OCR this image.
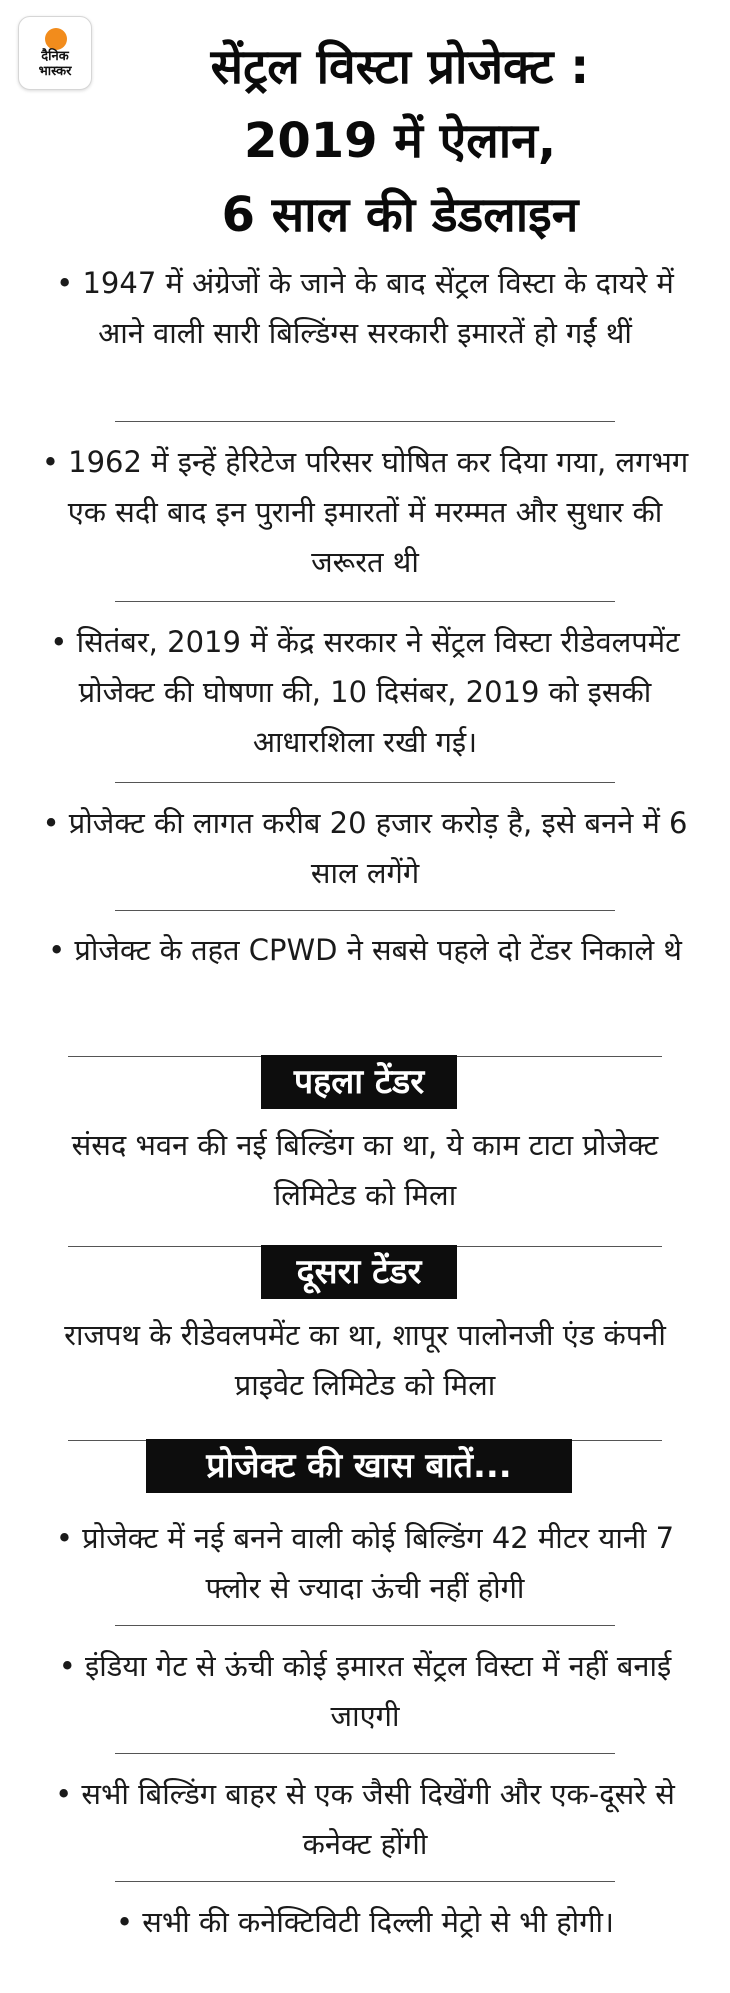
दैनिक
भास्कर	सेंट्रल विस्टा प्रोजेक्ट :
2019 में ऐलान,
6 साल की डेडलाइन

• 1947 में अंग्रेजों के जाने के बाद सेंट्रल विस्टा के दायरे में आने वाली सारी बिल्डिंग्स सरकारी इमारतें हो गईं थीं

• 1962 में इन्हें हेरिटेज परिसर घोषित कर दिया गया, लगभग एक सदी बाद इन पुरानी इमारतों में मरम्मत और सुधार की जरूरत थी

• सितंबर, 2019 में केंद्र सरकार ने सेंट्रल विस्टा रीडेवलपमेंट प्रोजेक्ट की घोषणा की, 10 दिसंबर, 2019 को इसकी आधारशिला रखी गई।

• प्रोजेक्ट की लागत करीब 20 हजार करोड़ है, इसे बनने में 6 साल लगेंगे

• प्रोजेक्ट के तहत CPWD ने सबसे पहले दो टेंडर निकाले थे

पहला टेंडर

संसद भवन की नई बिल्डिंग का था, ये काम टाटा प्रोजेक्ट लिमिटेड को मिला

दूसरा टेंडर

राजपथ के रीडेवलपमेंट का था, शापूर पालोनजी एंड कंपनी प्राइवेट लिमिटेड को मिला

प्रोजेक्ट की खास बातें...

• प्रोजेक्ट में नई बनने वाली कोई बिल्डिंग 42 मीटर यानी 7 फ्लोर से ज्यादा ऊंची नहीं होगी

• इंडिया गेट से ऊंची कोई इमारत सेंट्रल विस्टा में नहीं बनाई जाएगी

• सभी बिल्डिंग बाहर से एक जैसी दिखेंगी और एक-दूसरे से कनेक्ट होंगी

• सभी की कनेक्टिविटी दिल्ली मेट्रो से भी होगी।
